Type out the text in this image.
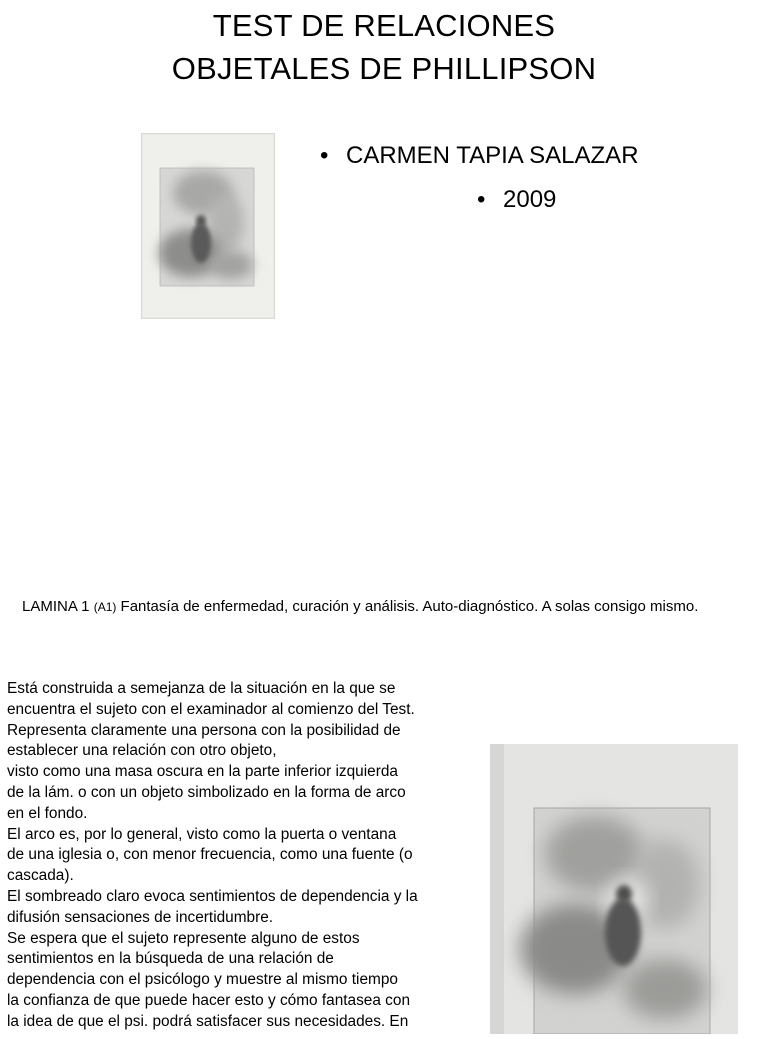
TEST DE RELACIONES
OBJETALES DE PHILLIPSON
• CARMEN TAPIA SALAZAR
• 2009
LAMINA 1 (A1) Fantasía de enfermedad, curación y análisis. Auto-diagnóstico. A solas consigo mismo.
Está construida a semejanza de la situación en la que se
encuentra el sujeto con el examinador al comienzo del Test.
Representa claramente una persona con la posibilidad de
establecer una relación con otro objeto,
visto como una masa oscura en la parte inferior izquierda
de la lám. o con un objeto simbolizado en la forma de arco
en el fondo.
El arco es, por lo general, visto como la puerta o ventana
de una iglesia o, con menor frecuencia, como una fuente (o
cascada).
El sombreado claro evoca sentimientos de dependencia y la
difusión sensaciones de incertidumbre.
Se espera que el sujeto represente alguno de estos
sentimientos en la búsqueda de una relación de
dependencia con el psicólogo y muestre al mismo tiempo
la confianza de que puede hacer esto y cómo fantasea con
la idea de que el psi. podrá satisfacer sus necesidades. En
